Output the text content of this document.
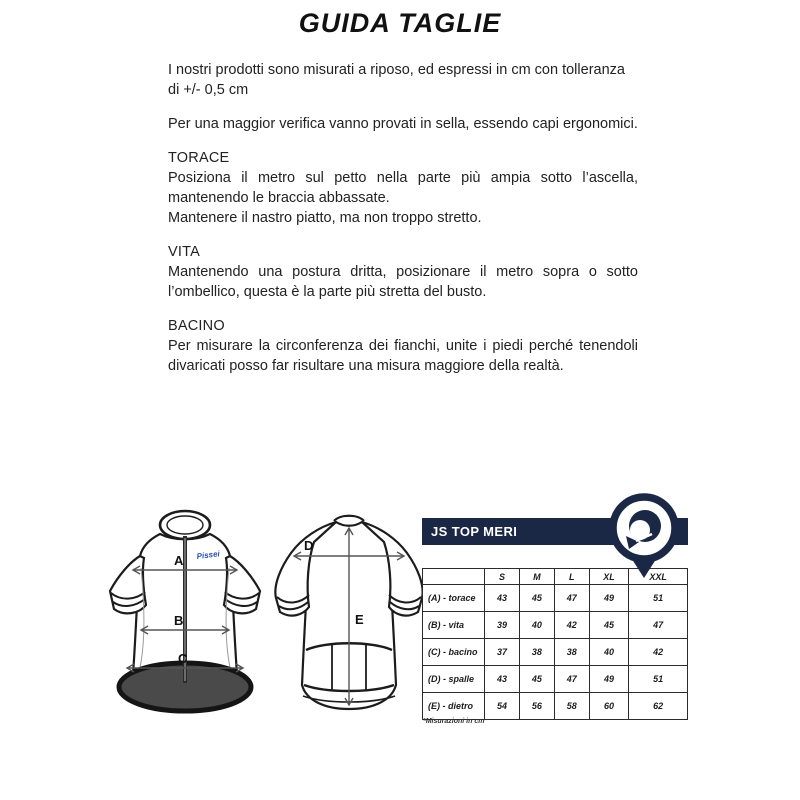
GUIDA TAGLIE

I nostri prodotti sono misurati a riposo, ed espressi in cm con tolleranza di +/- 0,5 cm

Per una maggior verifica vanno provati in sella, essendo capi ergonomici.

TORACE
Posiziona il metro sul petto nella parte più ampia sotto l’ascella, mantenendo le braccia abbassate.
Mantenere il nastro piatto, ma non troppo stretto.
VITA
Mantenendo una postura dritta, posizionare il metro sopra o sotto l’ombellico, questa è la parte più stretta del busto.
BACINO
Per misurare la circonferenza dei fianchi, unite i piedi perché tenendoli divaricati posso far risultare una misura maggiore della realtà.
Pissei
A
B
C
D
E
JS TOP MERI
	S	M	L	XL	XXL
(A) - torace	43	45	47	49	51
(B) - vita	39	40	42	45	47
(C) - bacino	37	38	38	40	42
(D) - spalle	43	45	47	49	51
(E) - dietro	54	56	58	60	62
*Misurazioni in cm
